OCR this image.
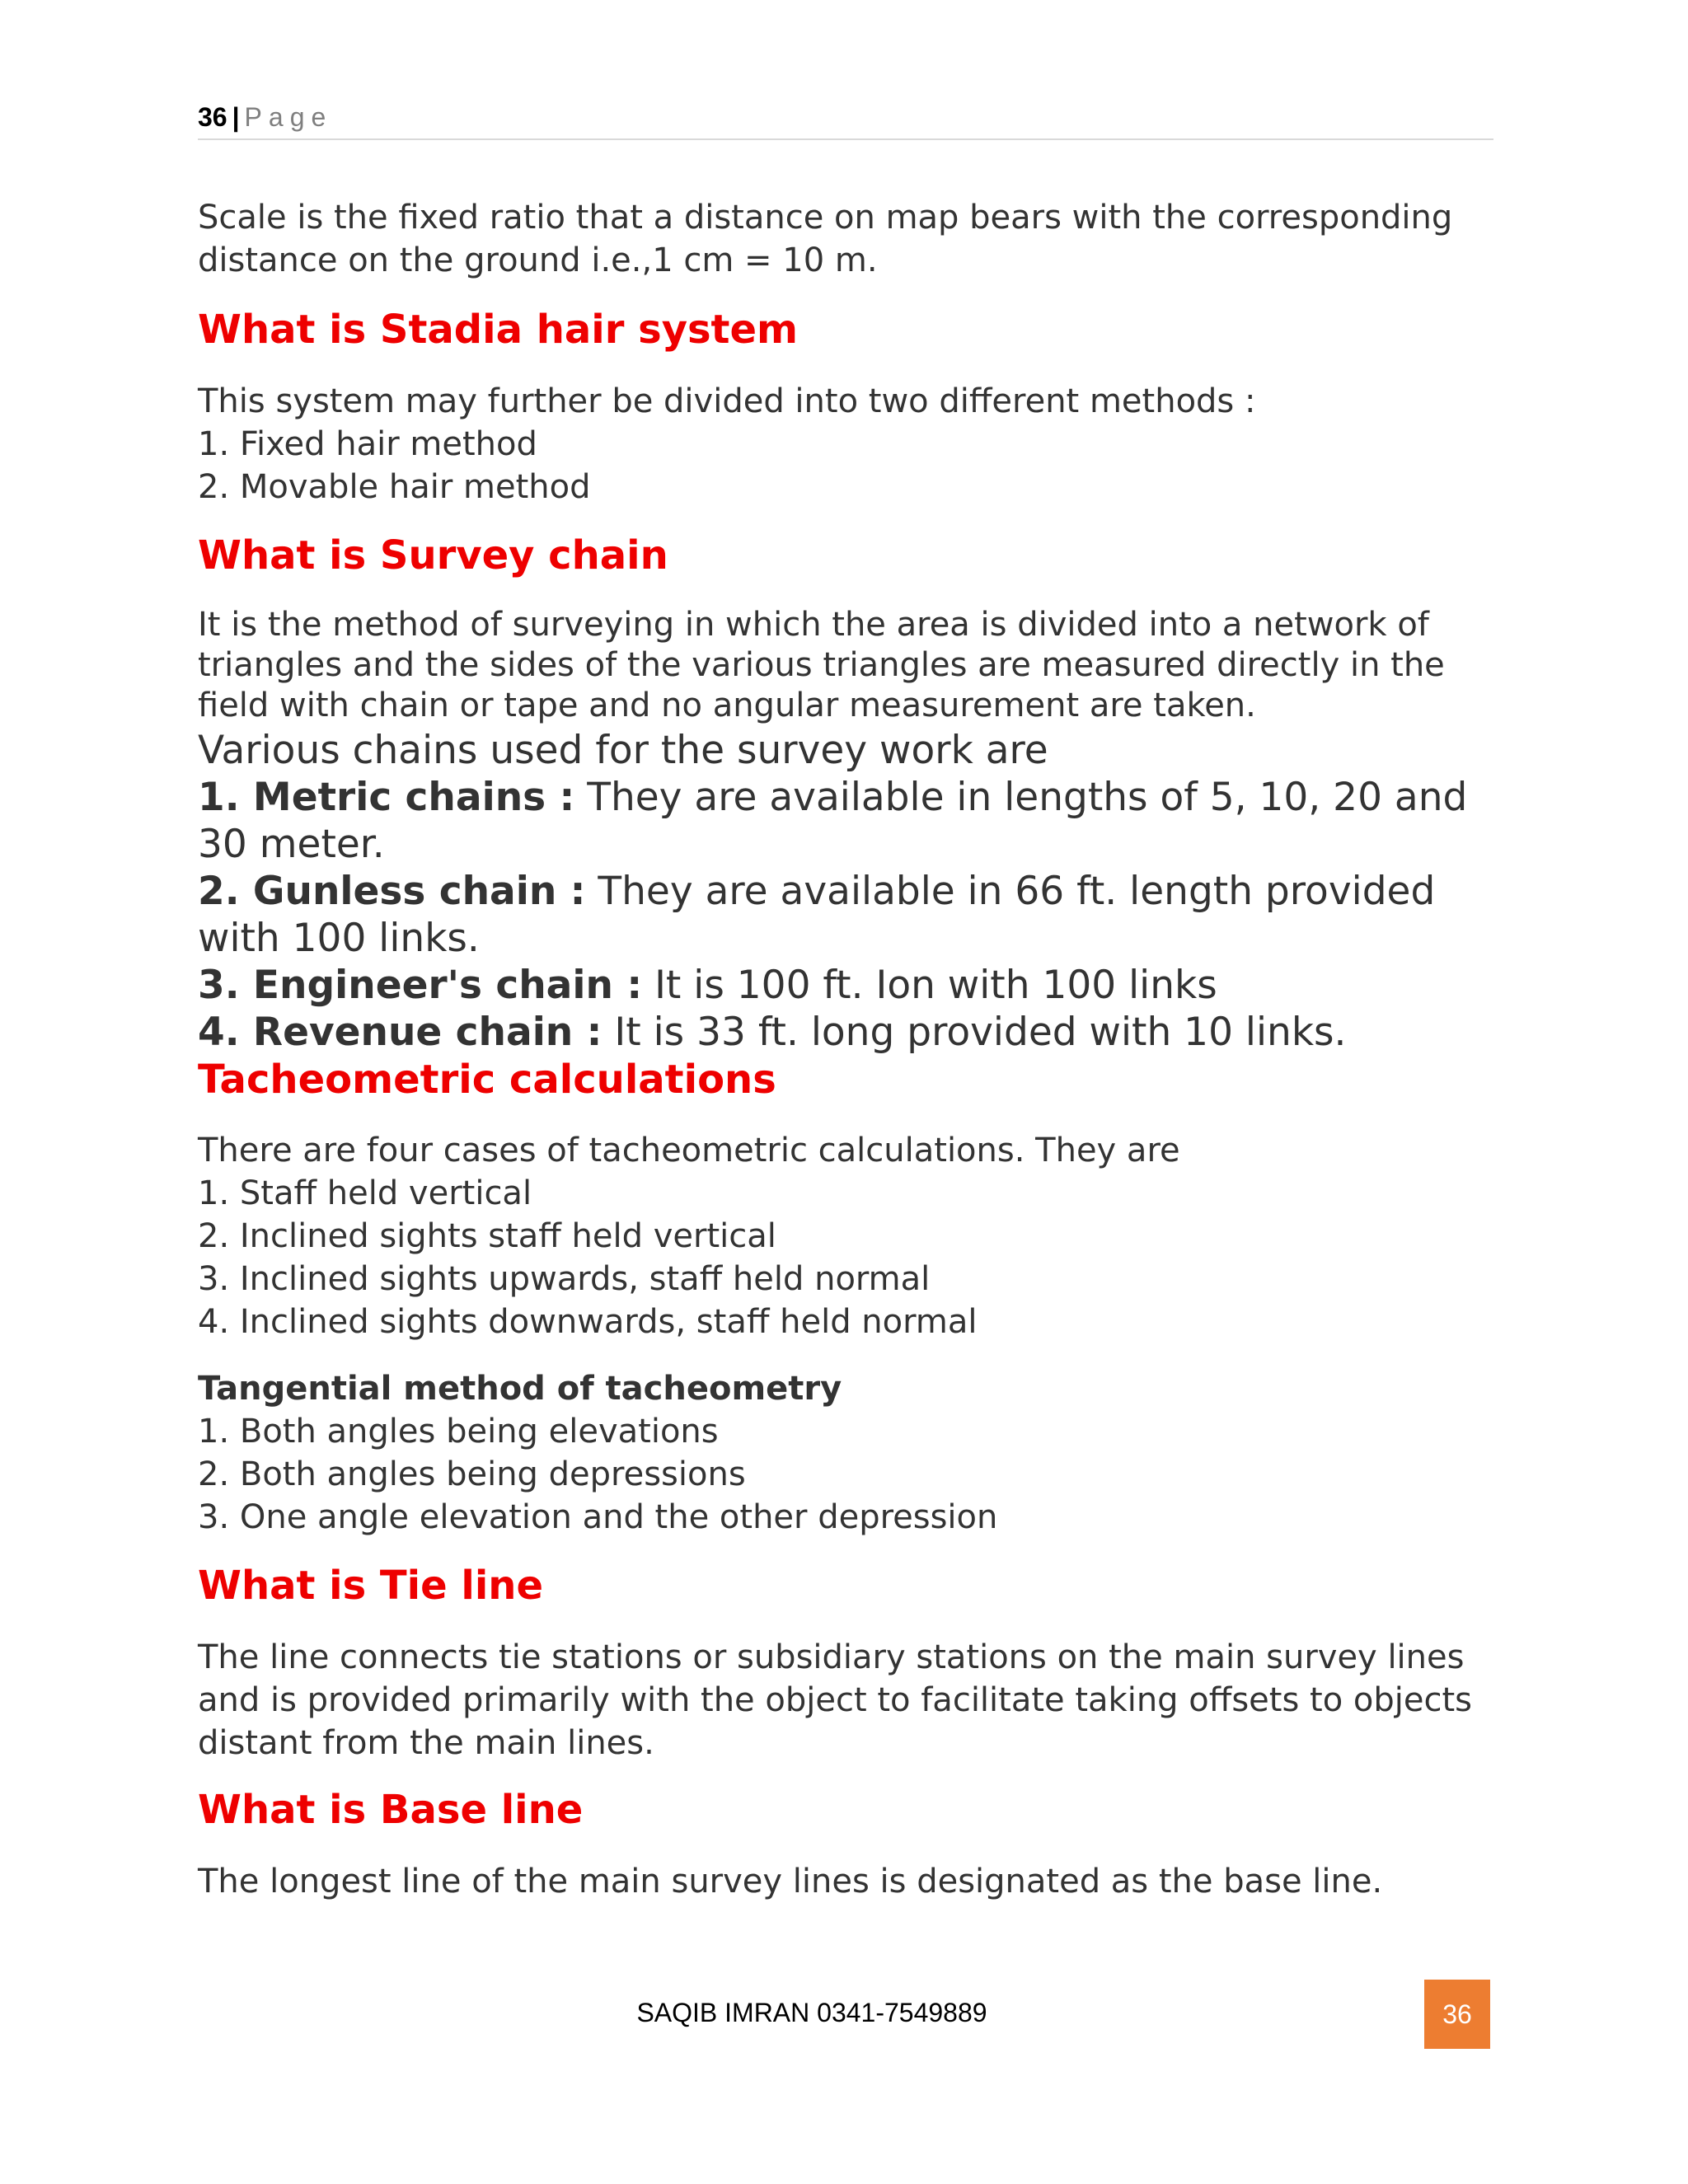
36 | Page

Scale is the fixed ratio that a distance on map bears with the corresponding
distance on the ground i.e.,1 cm = 10 m.

What is Stadia hair system

This system may further be divided into two different methods :
1. Fixed hair method
2. Movable hair method

What is Survey chain

It is the method of surveying in which the area is divided into a network of
triangles and the sides of the various triangles are measured directly in the
field with chain or tape and no angular measurement are taken.

Various chains used for the survey work are
1. Metric chains : They are available in lengths of 5, 10, 20 and
30 meter.
2. Gunless chain : They are available in 66 ft. length provided
with 100 links.
3. Engineer's chain : It is 100 ft. Ion with 100 links
4. Revenue chain : It is 33 ft. long provided with 10 links.

Tacheometric calculations

There are four cases of tacheometric calculations. They are
1. Staff held vertical
2. Inclined sights staff held vertical
3. Inclined sights upwards, staff held normal
4. Inclined sights downwards, staff held normal

Tangential method of tacheometry

1. Both angles being elevations
2. Both angles being depressions
3. One angle elevation and the other depression

What is Tie line

The line connects tie stations or subsidiary stations on the main survey lines
and is provided primarily with the object to facilitate taking offsets to objects
distant from the main lines.

What is Base line

The longest line of the main survey lines is designated as the base line.

SAQIB IMRAN 0341-7549889	36
